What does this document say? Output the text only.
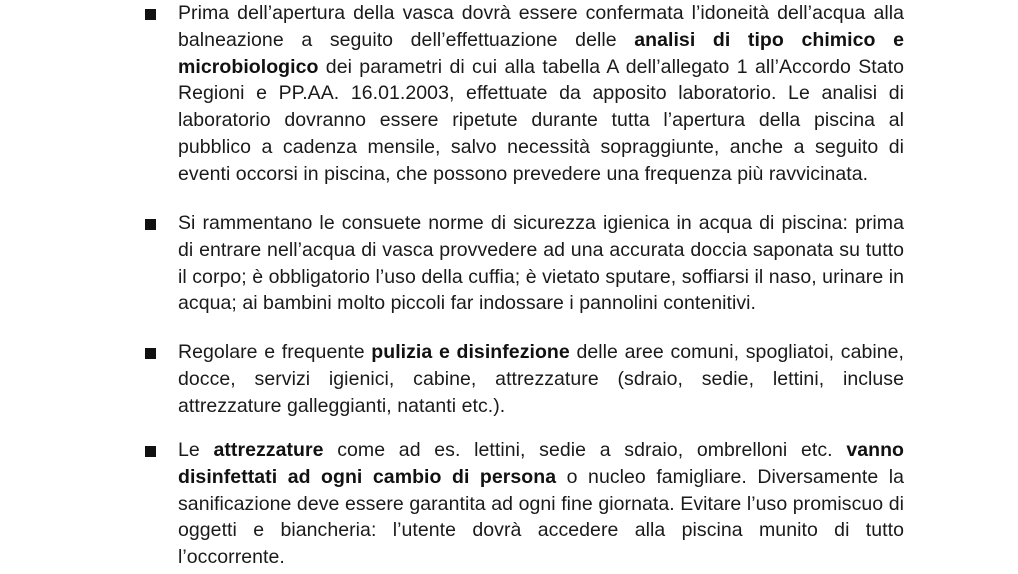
Prima dell’apertura della vasca dovrà essere confermata l’idoneità dell’acqua alla balneazione a seguito dell’effettuazione delle analisi di tipo chimico e microbiologico dei parametri di cui alla tabella A dell’allegato 1 all’Accordo Stato Regioni e PP.AA. 16.01.2003, effettuate da apposito laboratorio. Le analisi di laboratorio dovranno essere ripetute durante tutta l’apertura della piscina al pubblico a cadenza mensile, salvo necessità sopraggiunte, anche a seguito di eventi occorsi in piscina, che possono prevedere una frequenza più ravvicinata.

Si rammentano le consuete norme di sicurezza igienica in acqua di piscina: prima di entrare nell’acqua di vasca provvedere ad una accurata doccia saponata su tutto il corpo; è obbligatorio l’uso della cuffia; è vietato sputare, soffiarsi il naso, urinare in acqua; ai bambini molto piccoli far indossare i pannolini contenitivi.

Regolare e frequente pulizia e disinfezione delle aree comuni, spogliatoi, cabine, docce, servizi igienici, cabine, attrezzature (sdraio, sedie, lettini, incluse attrezzature galleggianti, natanti etc.).

Le attrezzature come ad es. lettini, sedie a sdraio, ombrelloni etc. vanno disinfettati ad ogni cambio di persona o nucleo famigliare. Diversamente la sanificazione deve essere garantita ad ogni fine giornata. Evitare l’uso promiscuo di oggetti e biancheria: l’utente dovrà accedere alla piscina munito di tutto l’occorrente.
